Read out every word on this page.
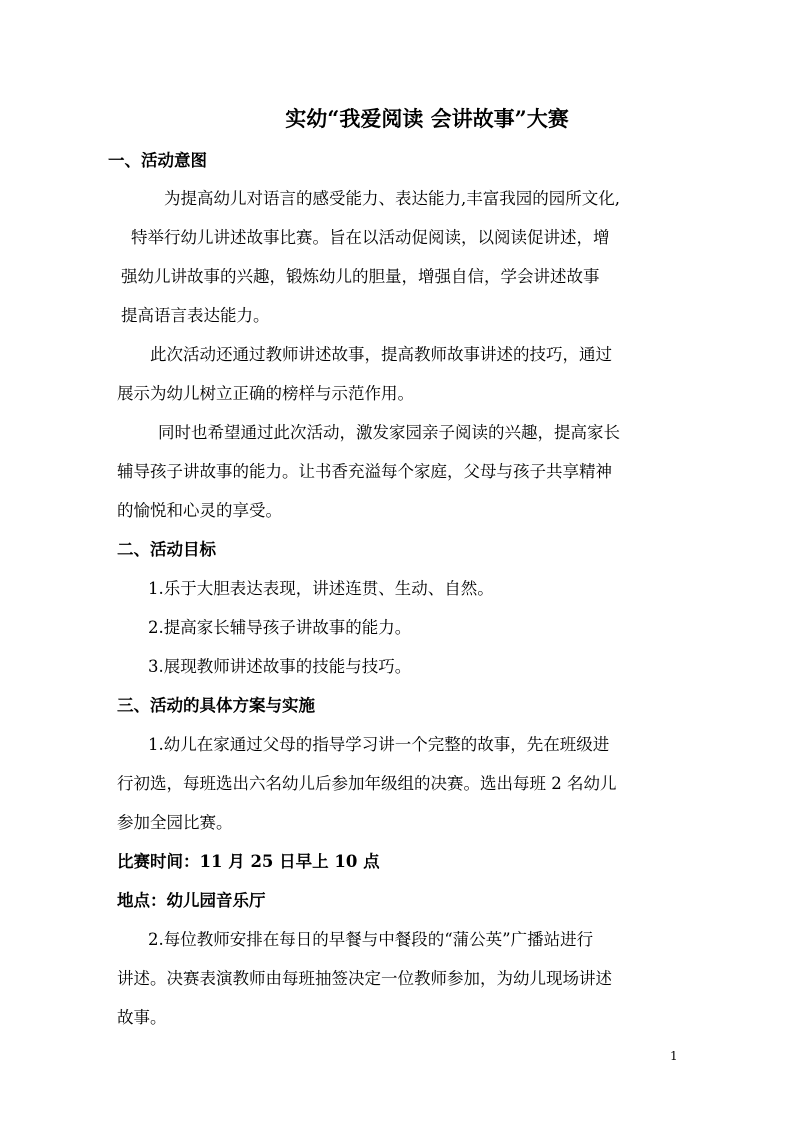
实幼“我爱阅读 会讲故事”大赛
一、活动意图
为提高幼儿对语言的感受能力、表达能力,丰富我园的园所文化,
特举行幼儿讲述故事比赛。旨在以活动促阅读，以阅读促讲述，增
强幼儿讲故事的兴趣，锻炼幼儿的胆量，增强自信，学会讲述故事
提高语言表达能力。
此次活动还通过教师讲述故事，提高教师故事讲述的技巧，通过
展示为幼儿树立正确的榜样与示范作用。
同时也希望通过此次活动，激发家园亲子阅读的兴趣，提高家长
辅导孩子讲故事的能力。让书香充溢每个家庭，父母与孩子共享精神
的愉悦和心灵的享受。
二、活动目标
1.乐于大胆表达表现，讲述连贯、生动、自然。
2.提高家长辅导孩子讲故事的能力。
3.展现教师讲述故事的技能与技巧。
三、活动的具体方案与实施
1.幼儿在家通过父母的指导学习讲一个完整的故事，先在班级进
行初选，每班选出六名幼儿后参加年级组的决赛。选出每班 2 名幼儿
参加全园比赛。
比赛时间：11 月 25 日早上 10 点
地点：幼儿园音乐厅
2.每位教师安排在每日的早餐与中餐段的“蒲公英”广播站进行
讲述。决赛表演教师由每班抽签决定一位教师参加，为幼儿现场讲述
故事。
1
